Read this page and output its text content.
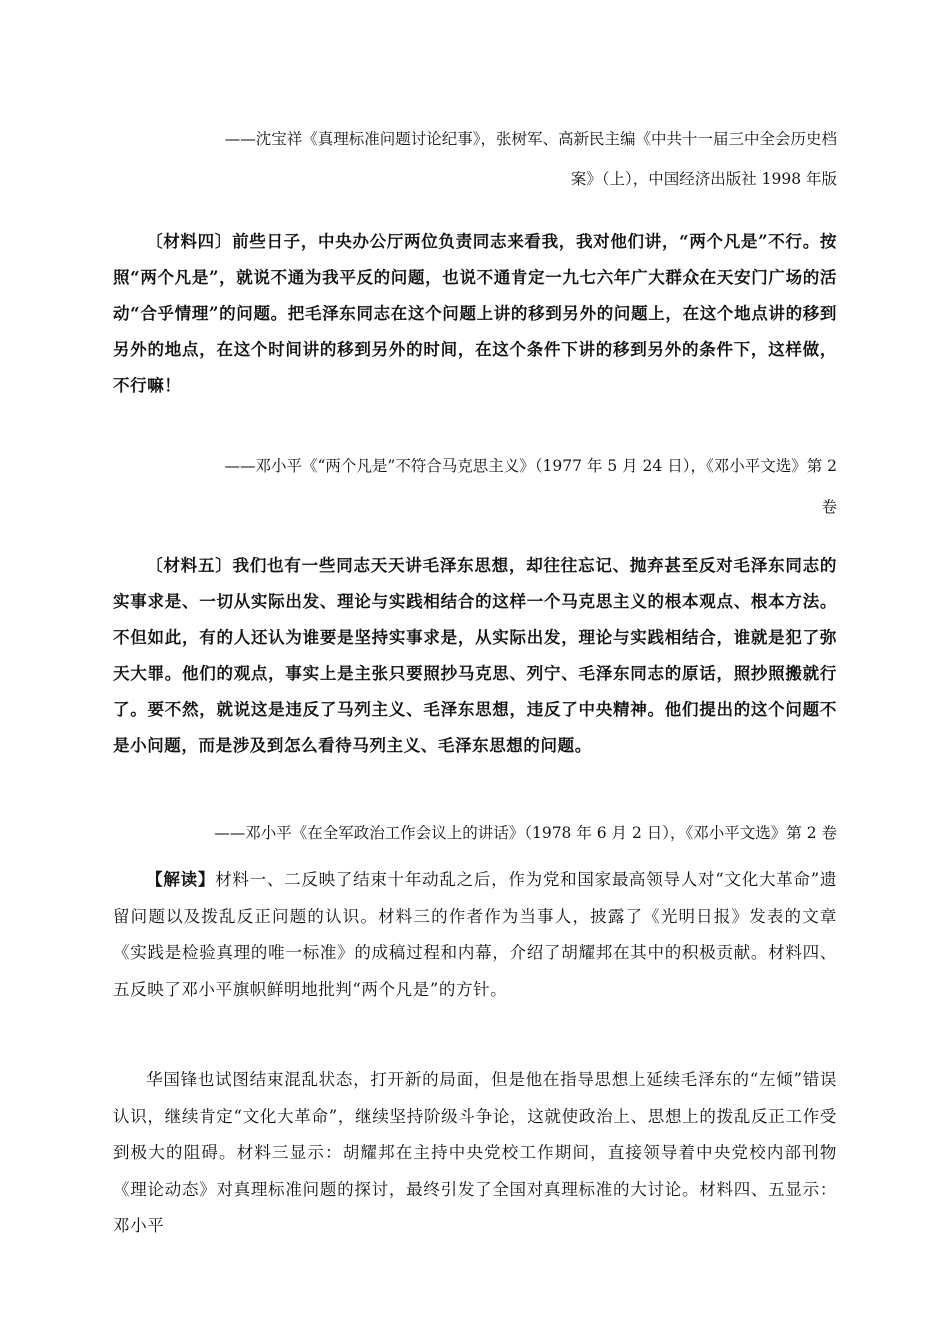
——沈宝祥《真理标准问题讨论纪事》，张树军、高新民主编《中共十一届三中全会历史档
案》（上），中国经济出版社 1998 年版
〔材料四〕前些日子，中央办公厅两位负责同志来看我，我对他们讲，“两个凡是”不行。按照“两个凡是”，就说不通为我平反的问题，也说不通肯定一九七六年广大群众在天安门广场的活动“合乎情理”的问题。把毛泽东同志在这个问题上讲的移到另外的问题上，在这个地点讲的移到另外的地点，在这个时间讲的移到另外的时间，在这个条件下讲的移到另外的条件下，这样做，不行嘛！
——邓小平《“两个凡是”不符合马克思主义》（1977 年 5 月 24 日），《邓小平文选》第 2
卷
〔材料五〕我们也有一些同志天天讲毛泽东思想，却往往忘记、抛弃甚至反对毛泽东同志的实事求是、一切从实际出发、理论与实践相结合的这样一个马克思主义的根本观点、根本方法。不但如此，有的人还认为谁要是坚持实事求是，从实际出发，理论与实践相结合，谁就是犯了弥天大罪。他们的观点，事实上是主张只要照抄马克思、列宁、毛泽东同志的原话，照抄照搬就行了。要不然，就说这是违反了马列主义、毛泽东思想，违反了中央精神。他们提出的这个问题不是小问题，而是涉及到怎么看待马列主义、毛泽东思想的问题。
——邓小平《在全军政治工作会议上的讲话》（1978 年 6 月 2 日），《邓小平文选》第 2 卷
【解读】材料一、二反映了结束十年动乱之后，作为党和国家最高领导人对“文化大革命”遗留问题以及拨乱反正问题的认识。材料三的作者作为当事人，披露了《光明日报》发表的文章《实践是检验真理的唯一标准》的成稿过程和内幕，介绍了胡耀邦在其中的积极贡献。材料四、五反映了邓小平旗帜鲜明地批判“两个凡是”的方针。
华国锋也试图结束混乱状态，打开新的局面，但是他在指导思想上延续毛泽东的“左倾”错误认识，继续肯定“文化大革命”，继续坚持阶级斗争论，这就使政治上、思想上的拨乱反正工作受到极大的阻碍。材料三显示：胡耀邦在主持中央党校工作期间，直接领导着中央党校内部刊物《理论动态》对真理标准问题的探讨，最终引发了全国对真理标准的大讨论。材料四、五显示：邓小平
